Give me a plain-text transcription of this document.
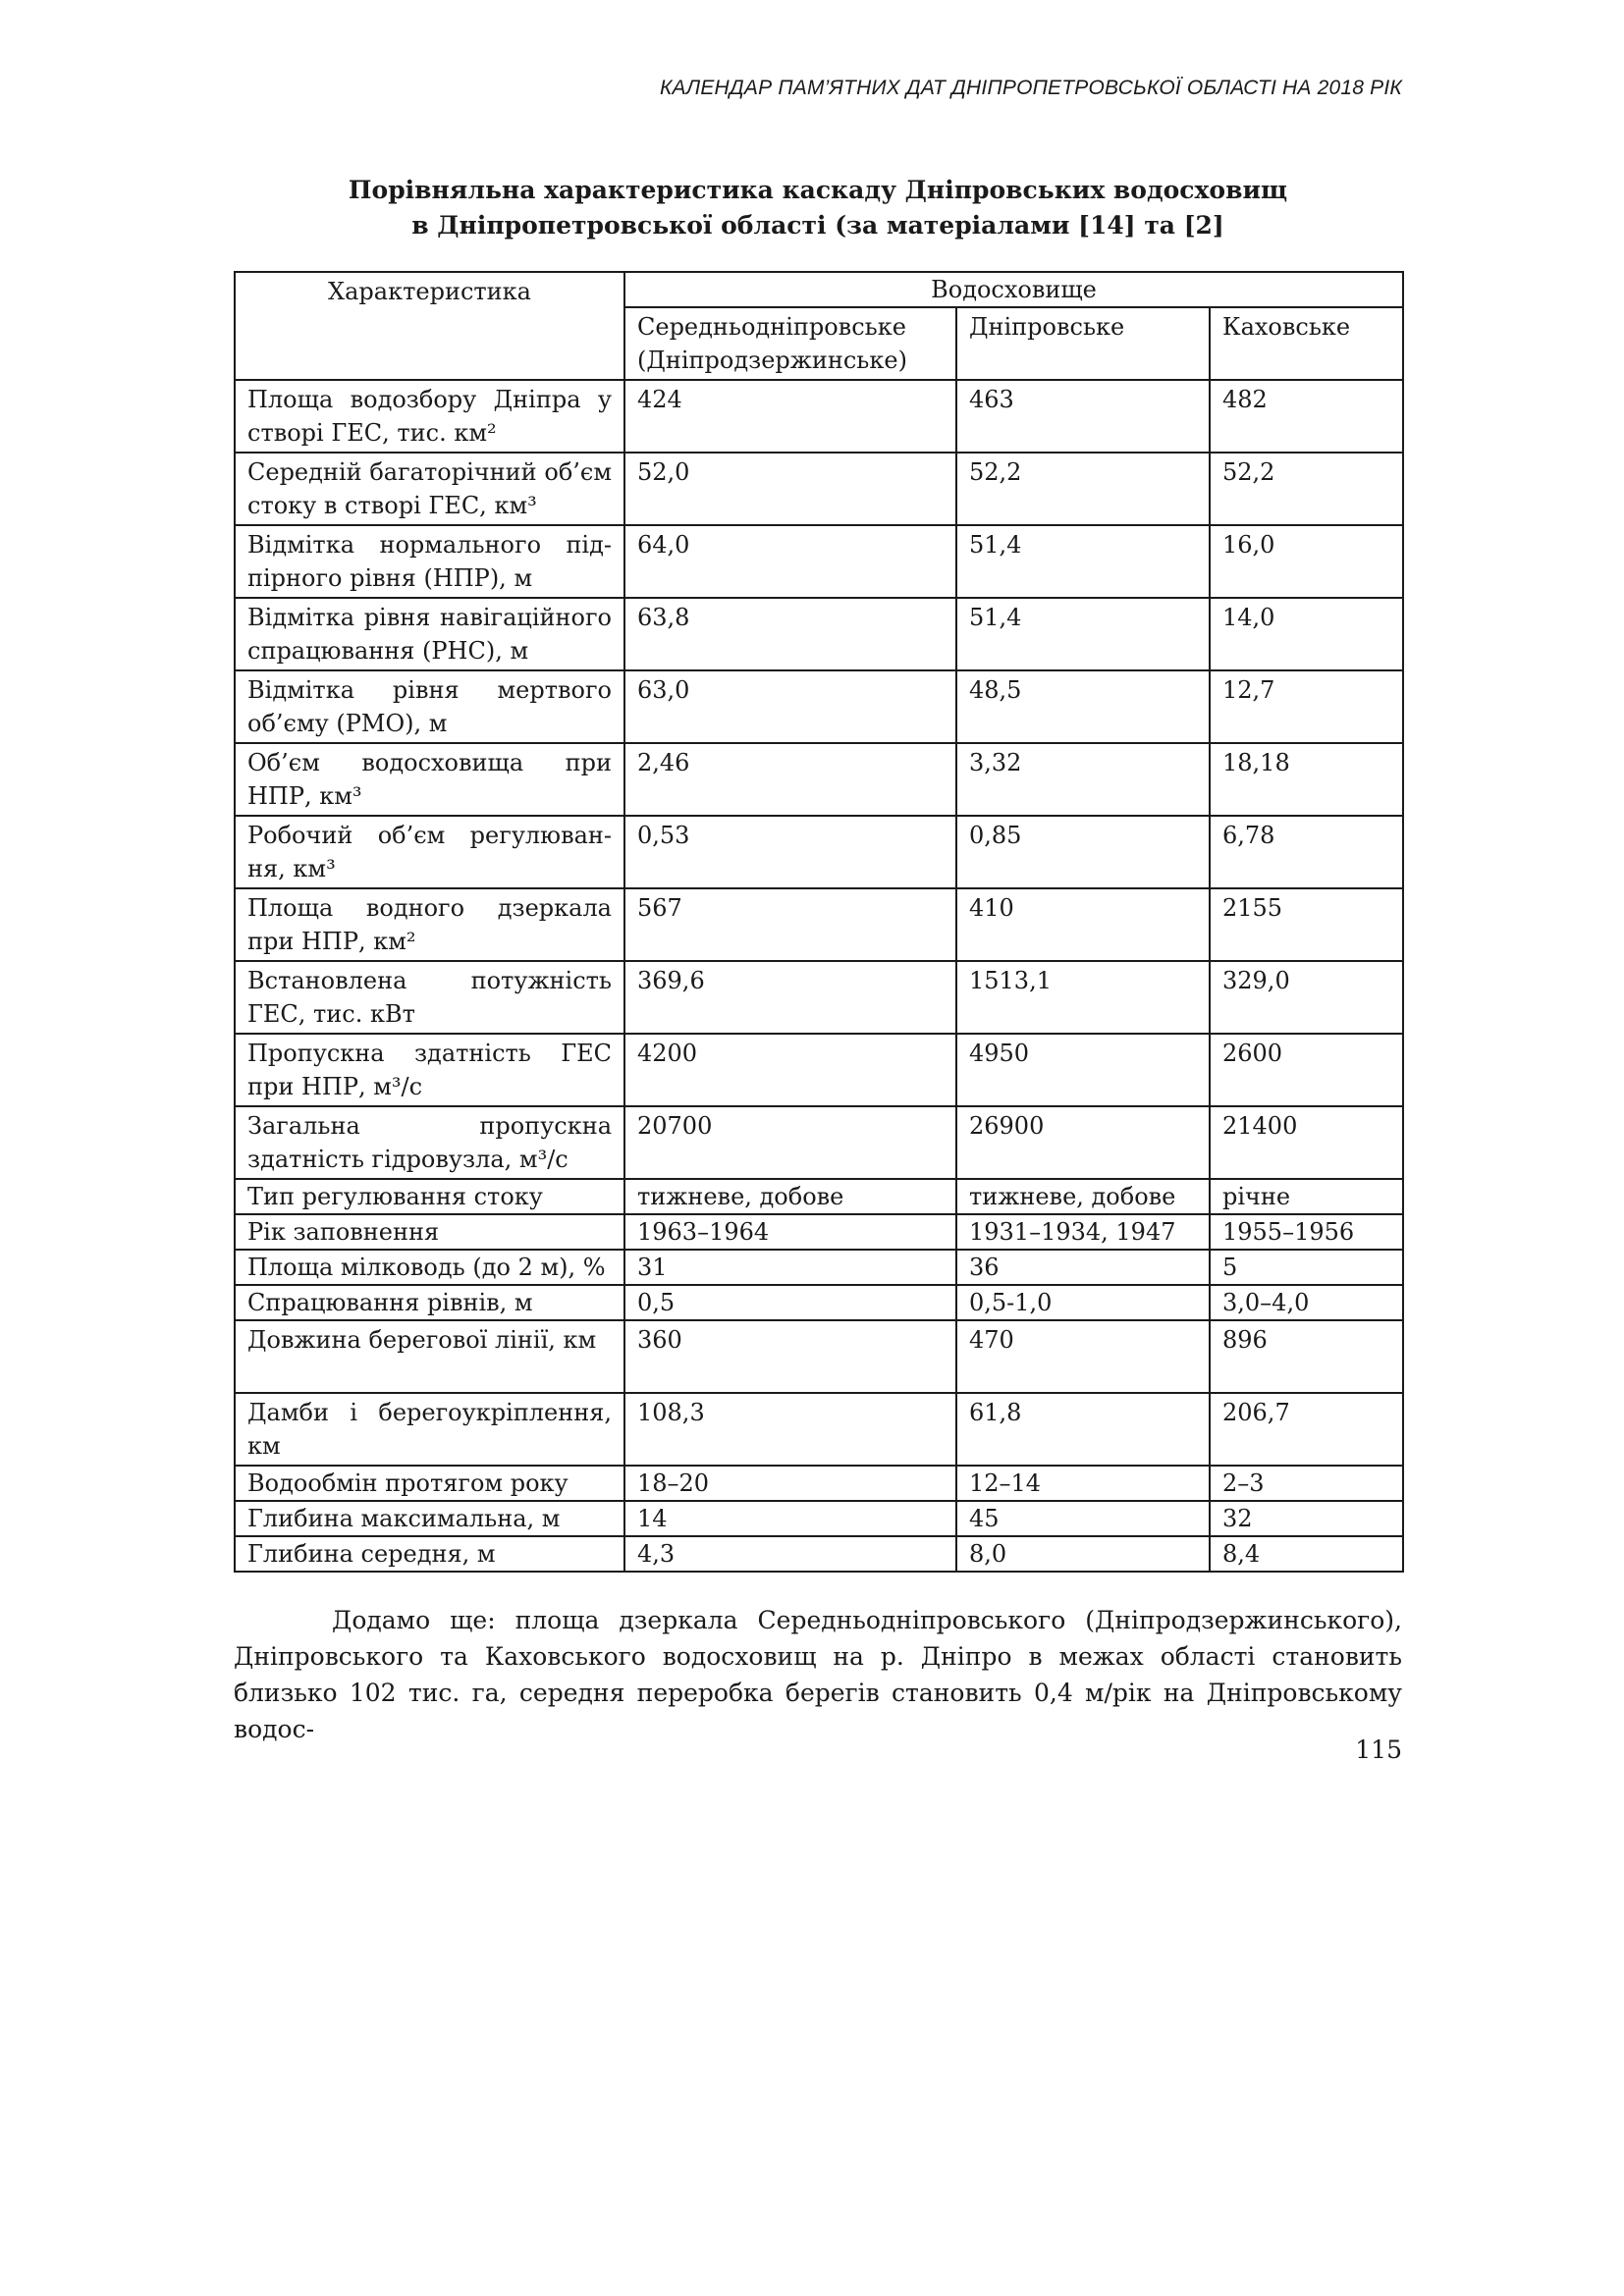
КАЛЕНДАР ПАМ’ЯТНИХ ДАТ ДНІПРОПЕТРОВСЬКОЇ ОБЛАСТІ НА 2018 РІК
Порівняльна характеристика каскаду Дніпровських водосховищ
в Дніпропетровської області (за матеріалами [14] та [2]
Характеристика	Водосховище		
	Середньодніпровське (Дніпродзержинське)	Дніпровське	Каховське
Площа водозбору Дніпра у створі ГЕС, тис. км²	424	463	482
Середній багаторічний об’єм стоку в створі ГЕС, км³	52,0	52,2	52,2
Відмітка нормального під-пірного рівня (НПР), м	64,0	51,4	16,0
Відмітка рівня навігаційного спрацювання (РНС), м	63,8	51,4	14,0
Відмітка рівня мертвого об’єму (РМО), м	63,0	48,5	12,7
Об’єм водосховища при НПР, км³	2,46	3,32	18,18
Робочий об’єм регулюван-ня, км³	0,53	0,85	6,78
Площа водного дзеркала при НПР, км²	567	410	2155
Встановлена потужність ГЕС, тис. кВт	369,6	1513,1	329,0
Пропускна здатність ГЕС при НПР, м³/с	4200	4950	2600
Загальна пропускна здатність гідровузла, м³/с	20700	26900	21400
Тип регулювання стоку	тижневе, добове	тижневе, добове	річне
Рік заповнення	1963–1964	1931–1934, 1947	1955–1956
Площа мілководь (до 2 м), %	31	36	5
Спрацювання рівнів, м	0,5	0,5-1,0	3,0–4,0
Довжина берегової лінії, км	360	470	896
Дамби і берегоукріплення, км	108,3	61,8	206,7
Водообмін протягом року	18–20	12–14	2–3
Глибина максимальна, м	14	45	32
Глибина середня, м	4,3	8,0	8,4
Додамо ще: площа дзеркала Середньодніпровського (Дніпродзержинського), Дніпровського та Каховського водосховищ на р. Дніпро в межах області становить близько 102 тис. га, середня переробка берегів становить 0,4 м/рік на Дніпровському водос-
115
